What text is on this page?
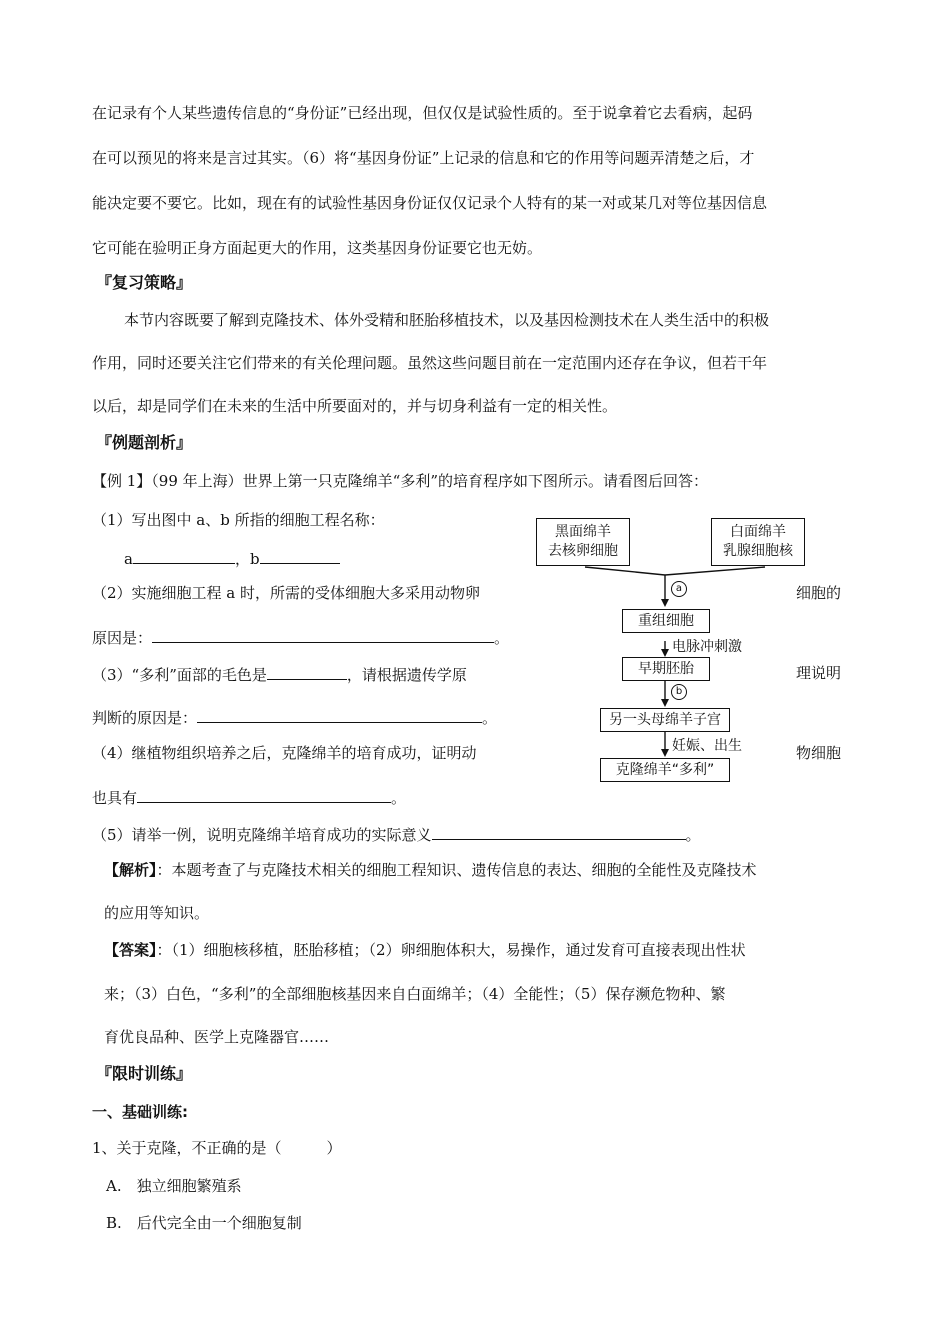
在记录有个人某些遗传信息的“身份证”已经出现，但仅仅是试验性质的。至于说拿着它去看病，起码
在可以预见的将来是言过其实。（6）将“基因身份证”上记录的信息和它的作用等问题弄清楚之后，才
能决定要不要它。比如，现在有的试验性基因身份证仅仅记录个人特有的某一对或某几对等位基因信息
它可能在验明正身方面起更大的作用，这类基因身份证要它也无妨。
『复习策略』
本节内容既要了解到克隆技术、体外受精和胚胎移植技术，以及基因检测技术在人类生活中的积极
作用，同时还要关注它们带来的有关伦理问题。虽然这些问题目前在一定范围内还存在争议，但若干年
以后，却是同学们在未来的生活中所要面对的，并与切身利益有一定的相关性。
『例题剖析』
【例 1】（99 年上海）世界上第一只克隆绵羊“多利”的培育程序如下图所示。请看图后回答：
（1）写出图中 a、b 所指的细胞工程名称：
a	，b
（2）实施细胞工程 a 时，所需的受体细胞大多采用动物卵	细胞的
原因是：	。
（3）“多利”面部的毛色是	，请根据遗传学原	理说明
判断的原因是：	。
（4）继植物组织培养之后，克隆绵羊的培育成功，证明动	物细胞
也具有	。
（5）请举一例，说明克隆绵羊培育成功的实际意义	。
【解析】：本题考查了与克隆技术相关的细胞工程知识、遗传信息的表达、细胞的全能性及克隆技术
的应用等知识。
【答案】：（1）细胞核移植，胚胎移植；（2）卵细胞体积大，易操作，通过发育可直接表现出性状
来；（3）白色，“多利”的全部细胞核基因来自白面绵羊；（4）全能性；（5）保存濒危物种、繁
育优良品种、医学上克隆器官……
『限时训练』
一、基础训练:
1、关于克隆，不正确的是（　　　）
A.　独立细胞繁殖系
B.　后代完全由一个细胞复制
黑面绵羊
去核卵细胞
白面绵羊
乳腺细胞核
a
重组细胞
电脉冲刺激
早期胚胎
b
另一头母绵羊子宫
妊娠、出生
克隆绵羊“多利”
